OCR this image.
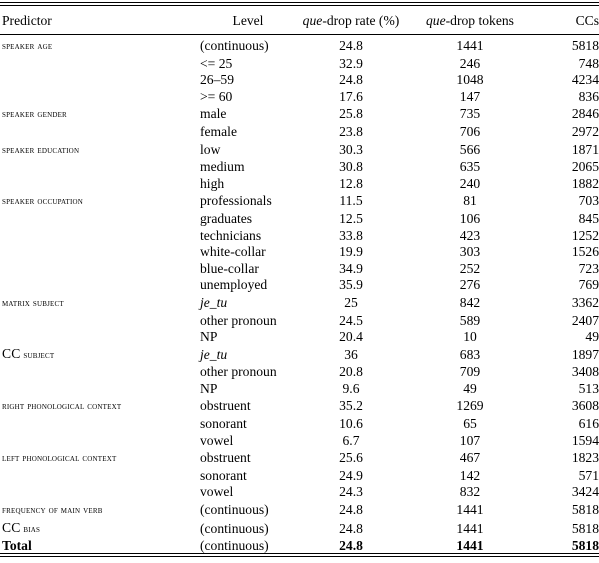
Predictor	Level	que-drop rate (%)	que-drop tokens	CCs
speaker age	(continuous)	24.8	1441	5818
	<= 25	32.9	246	748
	26–59	24.8	1048	4234
	>= 60	17.6	147	836
speaker gender	male	25.8	735	2846
	female	23.8	706	2972
speaker education	low	30.3	566	1871
	medium	30.8	635	2065
	high	12.8	240	1882
speaker occupation	professionals	11.5	81	703
	graduates	12.5	106	845
	technicians	33.8	423	1252
	white-collar	19.9	303	1526
	blue-collar	34.9	252	723
	unemployed	35.9	276	769
matrix subject	je_tu	25	842	3362
	other pronoun	24.5	589	2407
	NP	20.4	10	49
CC subject	je_tu	36	683	1897
	other pronoun	20.8	709	3408
	NP	9.6	49	513
right phonological context	obstruent	35.2	1269	3608
	sonorant	10.6	65	616
	vowel	6.7	107	1594
left phonological context	obstruent	25.6	467	1823
	sonorant	24.9	142	571
	vowel	24.3	832	3424
frequency of main verb	(continuous)	24.8	1441	5818
CC bias	(continuous)	24.8	1441	5818
Total	(continuous)	24.8	1441	5818
